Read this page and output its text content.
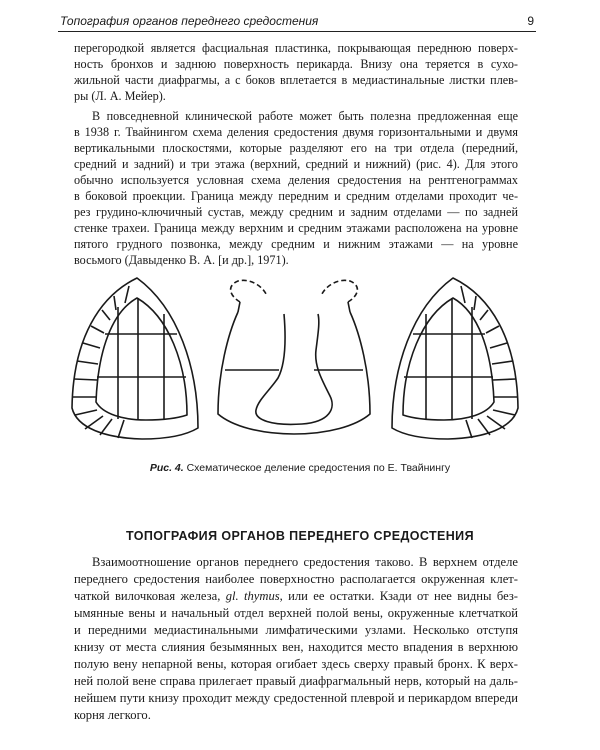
Топография органов переднего средостения	9
перегородкой является фасциальная пластинка, покрывающая переднюю поверх-
ность бронхов и заднюю поверхность перикарда. Внизу она теряется в сухо-
жильной части диафрагмы, а с боков вплетается в медиастинальные листки плев-
ры (Л. А. Мейер).
В повседневной клинической работе может быть полезна предложенная еще
в 1938 г. Твайнингом схема деления средостения двумя горизонтальными и двумя
вертикальными плоскостями, которые разделяют его на три отдела (передний,
средний и задний) и три этажа (верхний, средний и нижний) (рис. 4). Для этого
обычно используется условная схема деления средостения на рентгенограммах
в боковой проекции. Граница между передним и средним отделами проходит че-
рез грудино-ключичный сустав, между средним и задним отделами — по задней
стенке трахеи. Граница между верхним и средним этажами расположена на уровне
пятого грудного позвонка, между средним и нижним этажами — на уровне
восьмого (Давыденко В. А. [и др.], 1971).
Рис. 4. Схематическое деление средостения по Е. Твайнингу
ТОПОГРАФИЯ ОРГАНОВ ПЕРЕДНЕГО СРЕДОСТЕНИЯ
Взаимоотношение органов переднего средостения таково. В верхнем отделе
переднего средостения наиболее поверхностно располагается окруженная клет-
чаткой вилочковая железа, gl. thymus, или ее остатки. Кзади от нее видны без-
ымянные вены и начальный отдел верхней полой вены, окруженные клетчаткой
и передними медиастинальными лимфатическими узлами. Несколько отступя
книзу от места слияния безымянных вен, находится место впадения в верхнюю
полую вену непарной вены, которая огибает здесь сверху правый бронх. К верх-
ней полой вене справа прилегает правый диафрагмальный нерв, который на даль-
нейшем пути книзу проходит между средостенной плеврой и перикардом впереди
корня легкого.
